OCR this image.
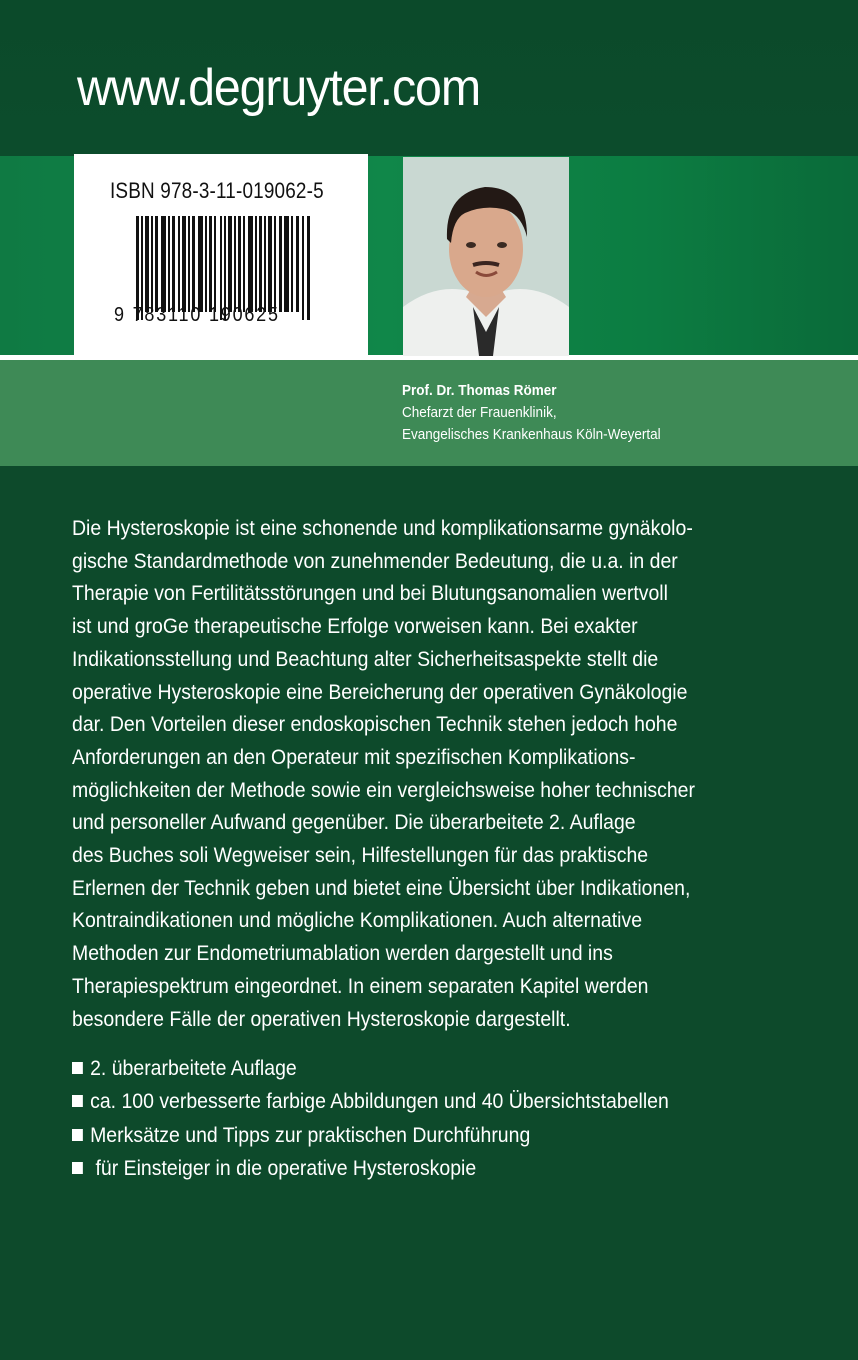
www.degruyter.com
ISBN 978-3-11-019062-5
9 783110 190625
Prof. Dr. Thomas Römer
Chefarzt der Frauenklinik,
Evangelisches Krankenhaus Köln-Weyertal

Die Hysteroskopie ist eine schonende und komplikationsarme gynäkolo-
gische Standardmethode von zunehmender Bedeutung, die u.a. in der
Therapie von Fertilitätsstörungen und bei Blutungsanomalien wertvoll
ist und groGe therapeutische Erfolge vorweisen kann. Bei exakter
Indikationsstellung und Beachtung alter Sicherheitsaspekte stellt die
operative Hysteroskopie eine Bereicherung der operativen Gynäkologie
dar. Den Vorteilen dieser endoskopischen Technik stehen jedoch hohe
Anforderungen an den Operateur mit spezifischen Komplikations-
möglichkeiten der Methode sowie ein vergleichsweise hoher technischer
und personeller Aufwand gegenüber. Die überarbeitete 2. Auflage
des Buches soli Wegweiser sein, Hilfestellungen für das praktische
Erlernen der Technik geben und bietet eine Übersicht über Indikationen,
Kontraindikationen und mögliche Komplikationen. Auch alternative
Methoden zur Endometriumablation werden dargestellt und ins
Therapiespektrum eingeordnet. In einem separaten Kapitel werden
besondere Fälle der operativen Hysteroskopie dargestellt.

2. überarbeitete Auflage
ca. 100 verbesserte farbige Abbildungen und 40 Übersichtstabellen
Merksätze und Tipps zur praktischen Durchführung
für Einsteiger in die operative Hysteroskopie
